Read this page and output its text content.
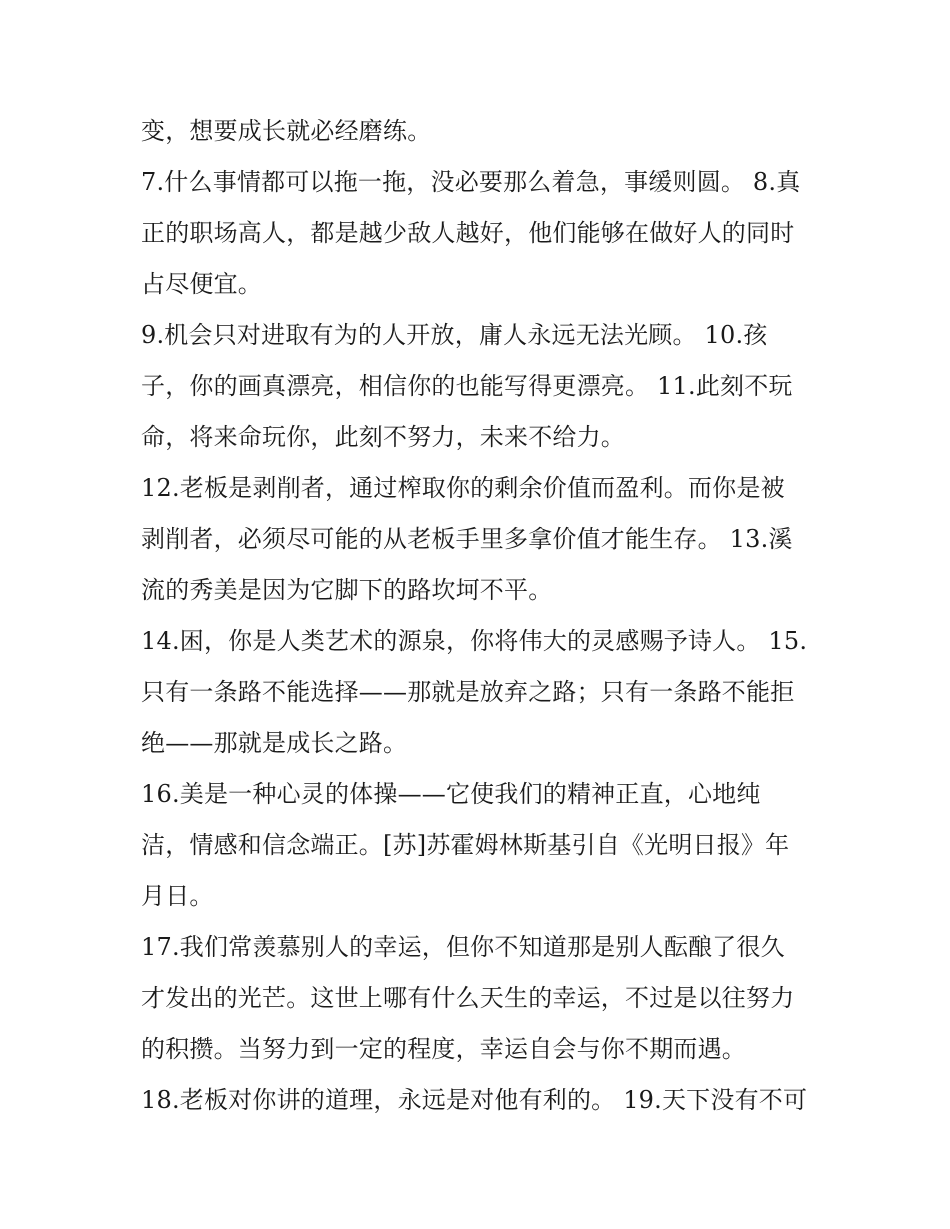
变，想要成长就必经磨练。
7.什么事情都可以拖一拖，没必要那么着急，事缓则圆。 8.真
正的职场高人，都是越少敌人越好，他们能够在做好人的同时
占尽便宜。
9.机会只对进取有为的人开放，庸人永远无法光顾。 10.孩
子，你的画真漂亮，相信你的也能写得更漂亮。 11.此刻不玩
命，将来命玩你，此刻不努力，未来不给力。
12.老板是剥削者，通过榨取你的剩余价值而盈利。而你是被
剥削者，必须尽可能的从老板手里多拿价值才能生存。 13.溪
流的秀美是因为它脚下的路坎坷不平。
14.困，你是人类艺术的源泉，你将伟大的灵感赐予诗人。 15.
只有一条路不能选择——那就是放弃之路；只有一条路不能拒
绝——那就是成长之路。
16.美是一种心灵的体操——它使我们的精神正直，心地纯
洁，情感和信念端正。[苏]苏霍姆林斯基引自《光明日报》年
月日。
17.我们常羡慕别人的幸运，但你不知道那是别人酝酿了很久
才发出的光芒。这世上哪有什么天生的幸运，不过是以往努力
的积攒。当努力到一定的程度，幸运自会与你不期而遇。
18.老板对你讲的道理，永远是对他有利的。 19.天下没有不可
